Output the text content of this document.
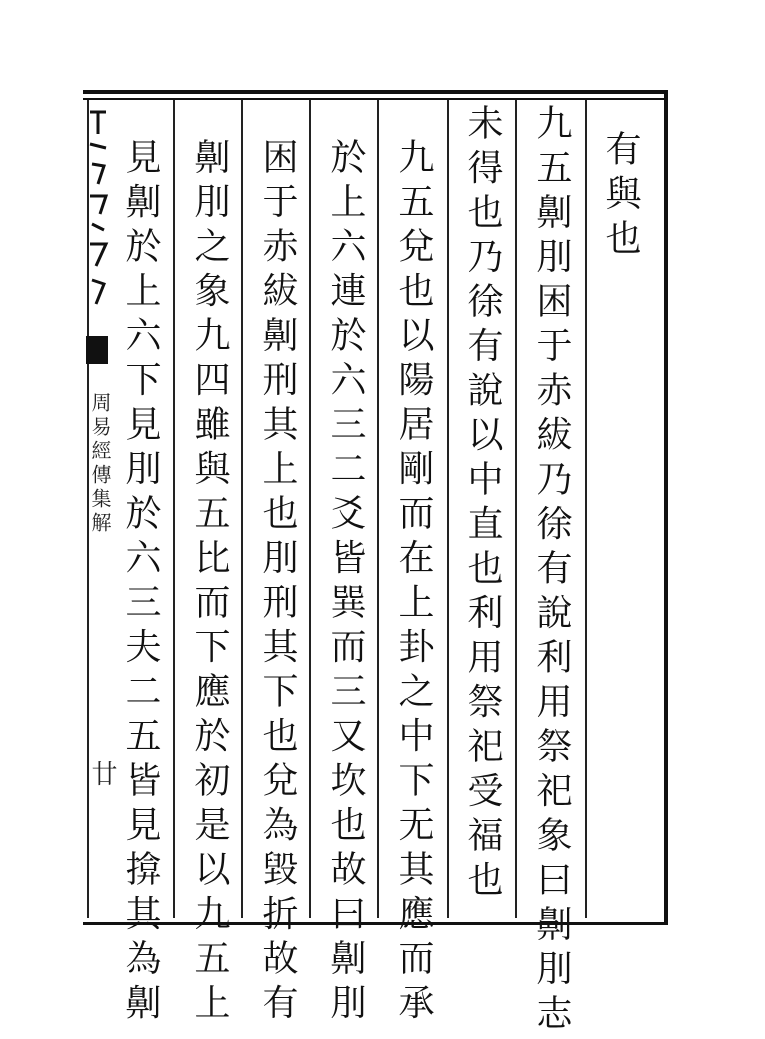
周易經傳集解
廿
有與也
九五劓刖困于赤紱乃徐有說利用祭祀象曰劓刖志
未得也乃徐有說以中直也利用祭祀受福也
九五兌也以陽居剛而在上卦之中下无其應而承
於上六連於六三二爻皆巽而三又坎也故曰劓刖
困于赤紱劓刑其上也刖刑其下也兌為毀折故有
劓刖之象九四雖與五比而下應於初是以九五上
見劓於上六下見刖於六三夫二五皆見揜其為劓
